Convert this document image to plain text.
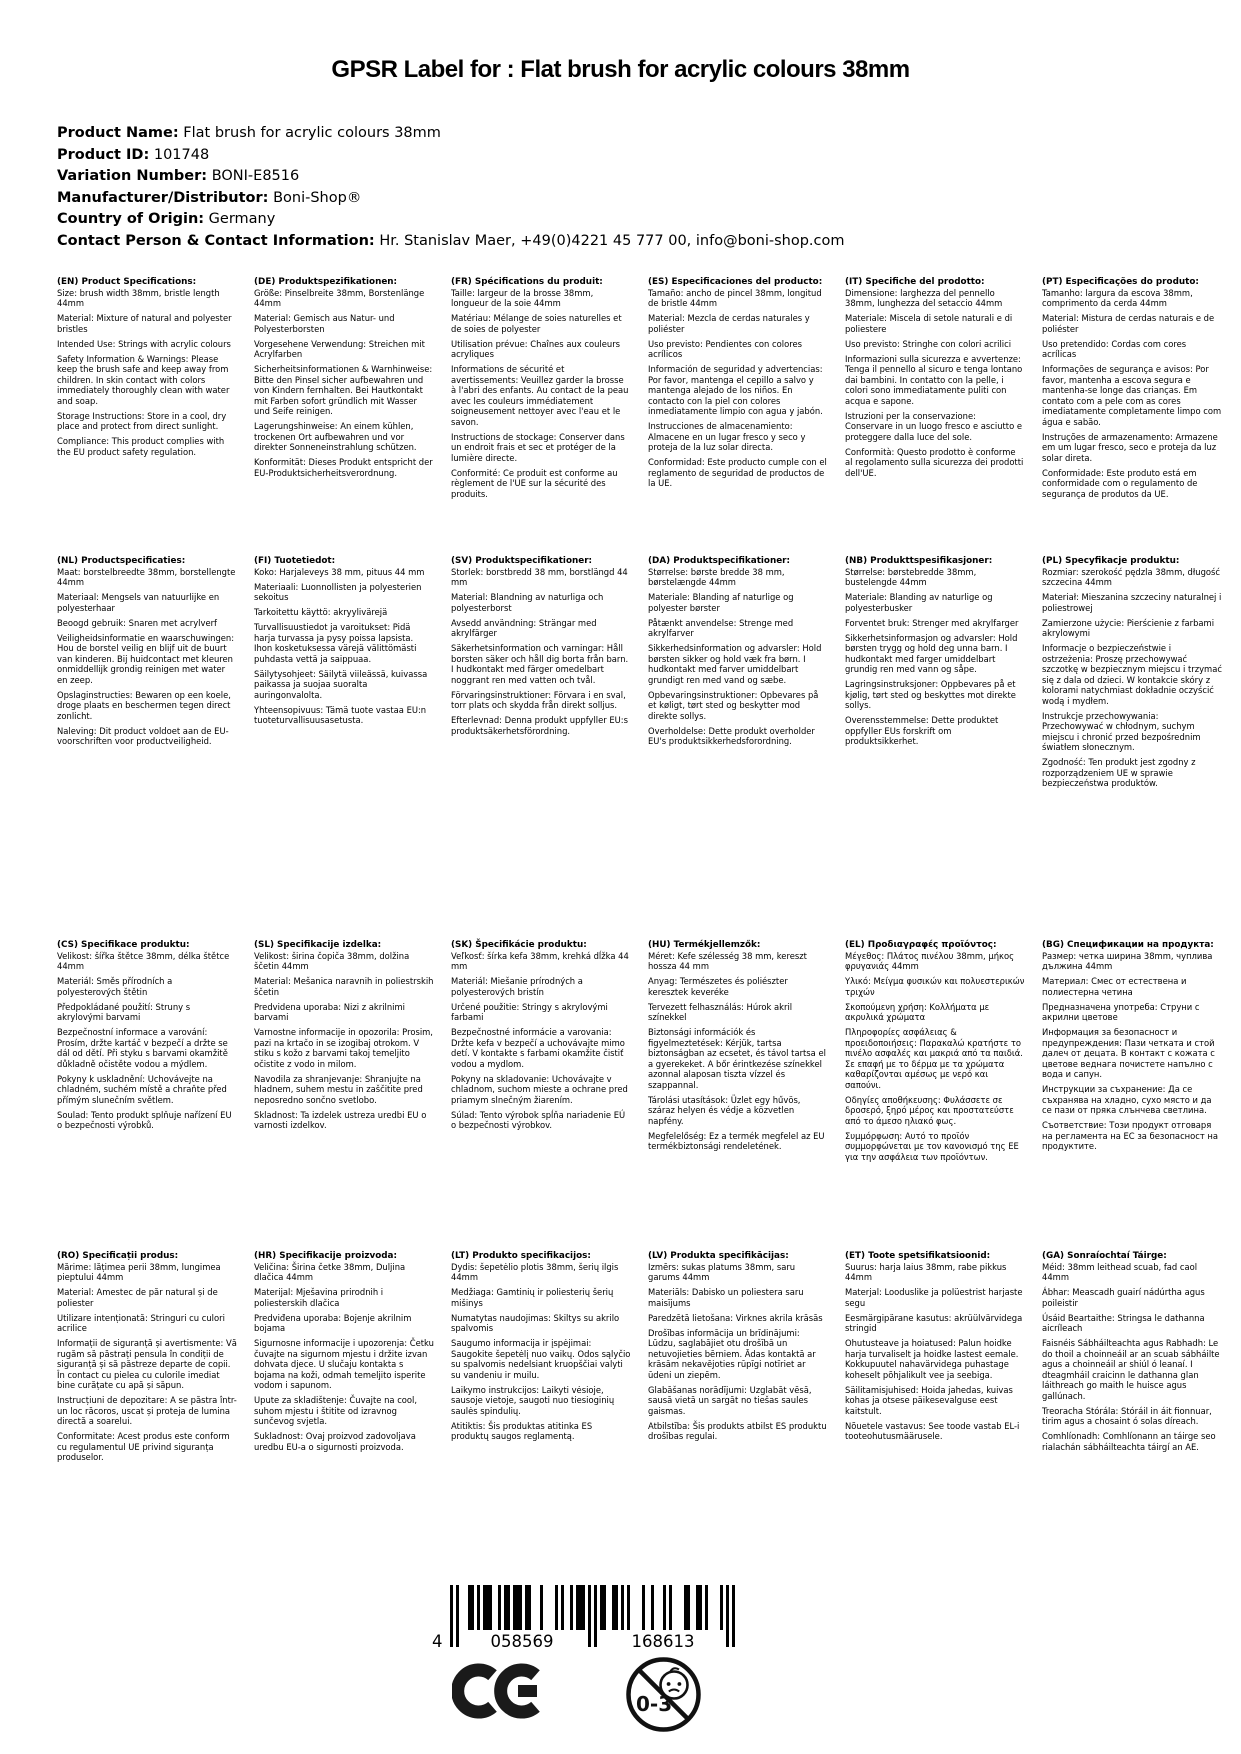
GPSR Label for : Flat brush for acrylic colours 38mm
Product Name: Flat brush for acrylic colours 38mm
Product ID: 101748
Variation Number: BONI-E8516
Manufacturer/Distributor: Boni-Shop®
Country of Origin: Germany
Contact Person & Contact Information: Hr. Stanislav Maer, +49(0)4221 45 777 00, info@boni-shop.com
(EN) Product Specifications:

Size: brush width 38mm, bristle length 44mm

Material: Mixture of natural and polyester bristles

Intended Use: Strings with acrylic colours

Safety Information & Warnings: Please keep the brush safe and keep away from children. In skin contact with colors immediately thoroughly clean with water and soap.

Storage Instructions: Store in a cool, dry place and protect from direct sunlight.

Compliance: This product complies with the EU product safety regulation.

(DE) Produktspezifikationen:

Größe: Pinselbreite 38mm, Borstenlänge 44mm

Material: Gemisch aus Natur- und Polyesterborsten

Vorgesehene Verwendung: Streichen mit Acrylfarben

Sicherheitsinformationen & Warnhinweise: Bitte den Pinsel sicher aufbewahren und von Kindern fernhalten. Bei Hautkontakt mit Farben sofort gründlich mit Wasser und Seife reinigen.

Lagerungshinweise: An einem kühlen, trockenen Ort aufbewahren und vor direkter Sonneneinstrahlung schützen.

Konformität: Dieses Produkt entspricht der EU-Produktsicherheitsverordnung.

(FR) Spécifications du produit:

Taille: largeur de la brosse 38mm, longueur de la soie 44mm

Matériau: Mélange de soies naturelles et de soies de polyester

Utilisation prévue: Chaînes aux couleurs acryliques

Informations de sécurité et avertissements: Veuillez garder la brosse à l'abri des enfants. Au contact de la peau avec les couleurs immédiatement soigneusement nettoyer avec l'eau et le savon.

Instructions de stockage: Conserver dans un endroit frais et sec et protéger de la lumière directe.

Conformité: Ce produit est conforme au règlement de l'UE sur la sécurité des produits.

(ES) Especificaciones del producto:

Tamaño: ancho de pincel 38mm, longitud de bristle 44mm

Material: Mezcla de cerdas naturales y poliéster

Uso previsto: Pendientes con colores acrílicos

Información de seguridad y advertencias: Por favor, mantenga el cepillo a salvo y mantenga alejado de los niños. En contacto con la piel con colores inmediatamente limpio con agua y jabón.

Instrucciones de almacenamiento: Almacene en un lugar fresco y seco y proteja de la luz solar directa.

Conformidad: Este producto cumple con el reglamento de seguridad de productos de la UE.

(IT) Specifiche del prodotto:

Dimensione: larghezza del pennello 38mm, lunghezza del setaccio 44mm

Materiale: Miscela di setole naturali e di poliestere

Uso previsto: Stringhe con colori acrilici

Informazioni sulla sicurezza e avvertenze: Tenga il pennello al sicuro e tenga lontano dai bambini. In contatto con la pelle, i colori sono immediatamente puliti con acqua e sapone.

Istruzioni per la conservazione: Conservare in un luogo fresco e asciutto e proteggere dalla luce del sole.

Conformità: Questo prodotto è conforme al regolamento sulla sicurezza dei prodotti dell'UE.

(PT) Especificações do produto:

Tamanho: largura da escova 38mm, comprimento da cerda 44mm

Material: Mistura de cerdas naturais e de poliéster

Uso pretendido: Cordas com cores acrílicas

Informações de segurança e avisos: Por favor, mantenha a escova segura e mantenha-se longe das crianças. Em contato com a pele com as cores imediatamente completamente limpo com água e sabão.

Instruções de armazenamento: Armazene em um lugar fresco, seco e proteja da luz solar direta.

Conformidade: Este produto está em conformidade com o regulamento de segurança de produtos da UE.

(NL) Productspecificaties:

Maat: borstelbreedte 38mm, borstellengte 44mm

Materiaal: Mengsels van natuurlijke en polyesterhaar

Beoogd gebruik: Snaren met acrylverf

Veiligheidsinformatie en waarschuwingen: Hou de borstel veilig en blijf uit de buurt van kinderen. Bij huidcontact met kleuren onmiddellijk grondig reinigen met water en zeep.

Opslaginstructies: Bewaren op een koele, droge plaats en beschermen tegen direct zonlicht.

Naleving: Dit product voldoet aan de EU-voorschriften voor productveiligheid.

(FI) Tuotetiedot:

Koko: Harjaleveys 38 mm, pituus 44 mm

Materiaali: Luonnollisten ja polyesterien sekoitus

Tarkoitettu käyttö: akryylivärejä

Turvallisuustiedot ja varoitukset: Pidä harja turvassa ja pysy poissa lapsista. Ihon kosketuksessa värejä välittömästi puhdasta vettä ja saippuaa.

Säilytysohjeet: Säilytä viileässä, kuivassa paikassa ja suojaa suoralta auringonvalolta.

Yhteensopivuus: Tämä tuote vastaa EU:n tuoteturvallisuusasetusta.

(SV) Produktspecifikationer:

Storlek: borstbredd 38 mm, borstlängd 44 mm

Material: Blandning av naturliga och polyesterborst

Avsedd användning: Strängar med akrylfärger

Säkerhetsinformation och varningar: Håll borsten säker och håll dig borta från barn. I hudkontakt med färger omedelbart noggrant ren med vatten och tvål.

Förvaringsinstruktioner: Förvara i en sval, torr plats och skydda från direkt solljus.

Efterlevnad: Denna produkt uppfyller EU:s produktsäkerhetsförordning.

(DA) Produktspecifikationer:

Størrelse: børste bredde 38 mm, børstelængde 44mm

Materiale: Blanding af naturlige og polyester børster

Påtænkt anvendelse: Strenge med akrylfarver

Sikkerhedsinformation og advarsler: Hold børsten sikker og hold væk fra børn. I hudkontakt med farver umiddelbart grundigt ren med vand og sæbe.

Opbevaringsinstruktioner: Opbevares på et køligt, tørt sted og beskytter mod direkte sollys.

Overholdelse: Dette produkt overholder EU's produktsikkerhedsforordning.

(NB) Produkttspesifikasjoner:

Størrelse: børstebredde 38mm, bustelengde 44mm

Materiale: Blanding av naturlige og polyesterbusker

Forventet bruk: Strenger med akrylfarger

Sikkerhetsinformasjon og advarsler: Hold børsten trygg og hold deg unna barn. I hudkontakt med farger umiddelbart grundig ren med vann og såpe.

Lagringsinstruksjoner: Oppbevares på et kjølig, tørt sted og beskyttes mot direkte sollys.

Overensstemmelse: Dette produktet oppfyller EUs forskrift om produktsikkerhet.

(PL) Specyfikacje produktu:

Rozmiar: szerokość pędzla 38mm, długość szczecina 44mm

Materiał: Mieszanina szczeciny naturalnej i poliestrowej

Zamierzone użycie: Pierścienie z farbami akrylowymi

Informacje o bezpieczeństwie i ostrzeżenia: Proszę przechowywać szczotkę w bezpiecznym miejscu i trzymać się z dala od dzieci. W kontakcie skóry z kolorami natychmiast dokładnie oczyścić wodą i mydłem.

Instrukcje przechowywania: Przechowywać w chłodnym, suchym miejscu i chronić przed bezpośrednim światłem słonecznym.

Zgodność: Ten produkt jest zgodny z rozporządzeniem UE w sprawie bezpieczeństwa produktów.

(CS) Specifikace produktu:

Velikost: šířka štětce 38mm, délka štětce 44mm

Materiál: Směs přírodních a polyesterových štětin

Předpokládané použití: Struny s akrylovými barvami

Bezpečnostní informace a varování: Prosím, držte kartáč v bezpečí a držte se dál od dětí. Při styku s barvami okamžitě důkladně očistěte vodou a mýdlem.

Pokyny k uskladnění: Uchovávejte na chladném, suchém místě a chraňte před přímým slunečním světlem.

Soulad: Tento produkt splňuje nařízení EU o bezpečnosti výrobků.

(SL) Specifikacije izdelka:

Velikost: širina čopiča 38mm, dolžina ščetin 44mm

Material: Mešanica naravnih in poliestrskih ščetin

Predvidena uporaba: Nizi z akrilnimi barvami

Varnostne informacije in opozorila: Prosim, pazi na krtačo in se izogibaj otrokom. V stiku s kožo z barvami takoj temeljito očistite z vodo in milom.

Navodila za shranjevanje: Shranjujte na hladnem, suhem mestu in zaščitite pred neposredno sončno svetlobo.

Skladnost: Ta izdelek ustreza uredbi EU o varnosti izdelkov.

(SK) Špecifikácie produktu:

Veľkosť: šírka kefa 38mm, krehká dĺžka 44 mm

Materiál: Miešanie prírodných a polyesterových bristín

Určené použitie: Stringy s akrylovými farbami

Bezpečnostné informácie a varovania: Držte kefa v bezpečí a uchovávajte mimo detí. V kontakte s farbami okamžite čistiť vodou a mydlom.

Pokyny na skladovanie: Uchovávajte v chladnom, suchom mieste a ochrane pred priamym slnečným žiarením.

Súlad: Tento výrobok spĺňa nariadenie EÚ o bezpečnosti výrobkov.

(HU) Termékjellemzők:

Méret: Kefe szélesség 38 mm, kereszt hossza 44 mm

Anyag: Természetes és poliészter keresztek keveréke

Tervezett felhasználás: Húrok akril színekkel

Biztonsági információk és figyelmeztetések: Kérjük, tartsa biztonságban az ecsetet, és távol tartsa el a gyerekeket. A bőr érintkezése színekkel azonnal alaposan tiszta vízzel és szappannal.

Tárolási utasítások: Üzlet egy hűvös, száraz helyen és védje a közvetlen napfény.

Megfelelőség: Ez a termék megfelel az EU termékbiztonsági rendeletének.

(EL) Προδιαγραφές προϊόντος:

Μέγεθος: Πλάτος πινέλου 38mm, μήκος φρυγανιάς 44mm

Υλικό: Μείγμα φυσικών και πολυεστερικών τριχών

Σκοπούμενη χρήση: Κολλήματα με ακρυλικά χρώματα

Πληροφορίες ασφάλειας & προειδοποιήσεις: Παρακαλώ κρατήστε το πινέλο ασφαλές και μακριά από τα παιδιά. Σε επαφή με το δέρμα με τα χρώματα καθαρίζονται αμέσως με νερό και σαπούνι.

Οδηγίες αποθήκευσης: Φυλάσσετε σε δροσερό, ξηρό μέρος και προστατεύστε από το άμεσο ηλιακό φως.

Συμμόρφωση: Αυτό το προϊόν συμμορφώνεται με τον κανονισμό της ΕΕ για την ασφάλεια των προϊόντων.

(BG) Спецификации на продукта:

Размер: четка ширина 38mm, чуплива дължина 44mm

Материал: Смес от естествена и полиестерна четина

Предназначена употреба: Струни с акрилни цветове

Информация за безопасност и предупреждения: Пази четката и стой далеч от децата. В контакт с кожата с цветове веднага почистете напълно с вода и сапун.

Инструкции за съхранение: Да се съхранява на хладно, сухо място и да се пази от пряка слънчева светлина.

Съответствие: Този продукт отговаря на регламента на ЕС за безопасност на продуктите.

(RO) Specificații produs:

Mărime: lățimea perii 38mm, lungimea pieptului 44mm

Material: Amestec de păr natural și de poliester

Utilizare intenționată: Stringuri cu culori acrilice

Informații de siguranță și avertismente: Vă rugăm să păstrați pensula în condiții de siguranță și să păstreze departe de copii. În contact cu pielea cu culorile imediat bine curățate cu apă și săpun.

Instrucțiuni de depozitare: A se păstra într- un loc răcoros, uscat și proteja de lumina directă a soarelui.

Conformitate: Acest produs este conform cu regulamentul UE privind siguranța produselor.

(HR) Specifikacije proizvoda:

Veličina: Širina četke 38mm, Duljina dlačica 44mm

Materijal: Mješavina prirodnih i poliesterskih dlačica

Predviđena uporaba: Bojenje akrilnim bojama

Sigurnosne informacije i upozorenja: Četku čuvajte na sigurnom mjestu i držite izvan dohvata djece. U slučaju kontakta s bojama na koži, odmah temeljito isperite vodom i sapunom.

Upute za skladištenje: Čuvajte na cool, suhom mjestu i štitite od izravnog sunčevog svjetla.

Sukladnost: Ovaj proizvod zadovoljava uredbu EU-a o sigurnosti proizvoda.

(LT) Produkto specifikacijos:

Dydis: šepetėlio plotis 38mm, šerių ilgis 44mm

Medžiaga: Gamtinių ir poliesterių šerių mišinys

Numatytas naudojimas: Skiltys su akrilo spalvomis

Saugumo informacija ir įspėjimai: Saugokite šepetėlį nuo vaikų. Odos sąlyčio su spalvomis nedelsiant kruopščiai valyti su vandeniu ir muilu.

Laikymo instrukcijos: Laikyti vėsioje, sausoje vietoje, saugoti nuo tiesioginių saulės spindulių.

Atitiktis: Šis produktas atitinka ES produktų saugos reglamentą.

(LV) Produkta specifikācijas:

Izmērs: sukas platums 38mm, saru garums 44mm

Materiāls: Dabisko un poliestera saru maisījums

Paredzētā lietošana: Virknes akrila krāsās

Drošības informācija un brīdinājumi: Lūdzu, saglabājiet otu drošībā un netuvojieties bērniem. Ādas kontaktā ar krāsām nekavējoties rūpīgi notīriet ar ūdeni un ziepēm.

Glabāšanas norādījumi: Uzglabāt vēsā, sausā vietā un sargāt no tiešas saules gaismas.

Atbilstība: Šis produkts atbilst ES produktu drošības regulai.

(ET) Toote spetsifikatsioonid:

Suurus: harja laius 38mm, rabe pikkus 44mm

Materjal: Looduslike ja polüestrist harjaste segu

Eesmärgipärane kasutus: akrüülvärvidega stringid

Ohutusteave ja hoiatused: Palun hoidke harja turvaliselt ja hoidke lastest eemale. Kokkupuutel nahavärvidega puhastage koheselt põhjalikult vee ja seebiga.

Säilitamisjuhised: Hoida jahedas, kuivas kohas ja otsese päikesevalguse eest kaitstult.

Nõuetele vastavus: See toode vastab EL-i tooteohutusmäärusele.

(GA) Sonraíochtaí Táirge:

Méid: 38mm leithead scuab, fad caol 44mm

Ábhar: Meascadh guairí nádúrtha agus poileistir

Úsáid Beartaithe: Stringsa le dathanna aicríleach

Faisnéis Sábháilteachta agus Rabhadh: Le do thoil a choinneáil ar an scuab sábháilte agus a choinneáil ar shiúl ó leanaí. I dteagmháil craicinn le dathanna glan láithreach go maith le huisce agus gallúnach.

Treoracha Stórála: Stóráil in áit fionnuar, tirim agus a chosaint ó solas díreach.

Comhlíonadh: Comhlíonann an táirge seo rialachán sábháilteachta táirgí an AE.

4	058569	168613
0-3
